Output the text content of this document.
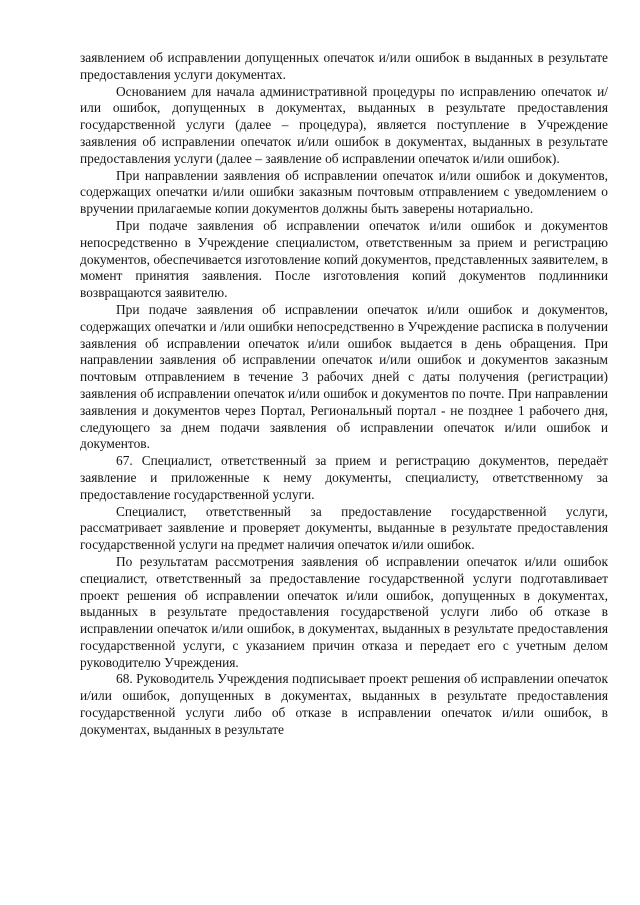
заявлением об исправлении допущенных опечаток и/или ошибок в выданных в результате предоставления услуги документах.

Основанием для начала административной процедуры по исправлению опечаток и/или ошибок, допущенных в документах, выданных в результате предоставления государственной услуги (далее – процедура), является поступление в Учреждение заявления об исправлении опечаток и/или ошибок в документах, выданных в результате предоставления услуги (далее – заявление об исправлении опечаток и/или ошибок).

При направлении заявления об исправлении опечаток и/или ошибок и документов, содержащих опечатки и/или ошибки заказным почтовым отправлением с уведомлением о вручении прилагаемые копии документов должны быть заверены нотариально.

При подаче заявления об исправлении опечаток и/или ошибок и документов непосредственно в Учреждение специалистом, ответственным за прием и регистрацию документов, обеспечивается изготовление копий документов, представленных заявителем, в момент принятия заявления. После изготовления копий документов подлинники возвращаются заявителю.

При подаче заявления об исправлении опечаток и/или ошибок и документов, содержащих опечатки и /или ошибки непосредственно в Учреждение расписка в получении заявления об исправлении опечаток и/или ошибок выдается в день обращения. При направлении заявления об исправлении опечаток и/или ошибок и документов заказным почтовым отправлением в течение 3 рабочих дней с даты получения (регистрации) заявления об исправлении опечаток и/или ошибок и документов по почте. При направлении заявления и документов через Портал, Региональный портал - не позднее 1 рабочего дня, следующего за днем подачи заявления об исправлении опечаток и/или ошибок и документов.

67. Специалист, ответственный за прием и регистрацию документов, передаёт заявление и приложенные к нему документы, специалисту, ответственному за предоставление государственной услуги.

Специалист, ответственный за предоставление государственной услуги, рассматривает заявление и проверяет документы, выданные в результате предоставления государственной услуги на предмет наличия опечаток и/или ошибок.

По результатам рассмотрения заявления об исправлении опечаток и/или ошибок специалист, ответственный за предоставление государственной услуги подготавливает проект решения об исправлении опечаток и/или ошибок, допущенных в документах, выданных в результате предоставления государственой услуги либо об отказе в исправлении опечаток и/или ошибок, в документах, выданных в результате предоставления государственной услуги, с указанием причин отказа и передает его с учетным делом руководителю Учреждения.

68. Руководитель Учреждения подписывает проект решения об исправлении опечаток и/или ошибок, допущенных в документах, выданных в результате предоставления государственной услуги либо об отказе в исправлении опечаток и/или ошибок, в документах, выданных в результате
